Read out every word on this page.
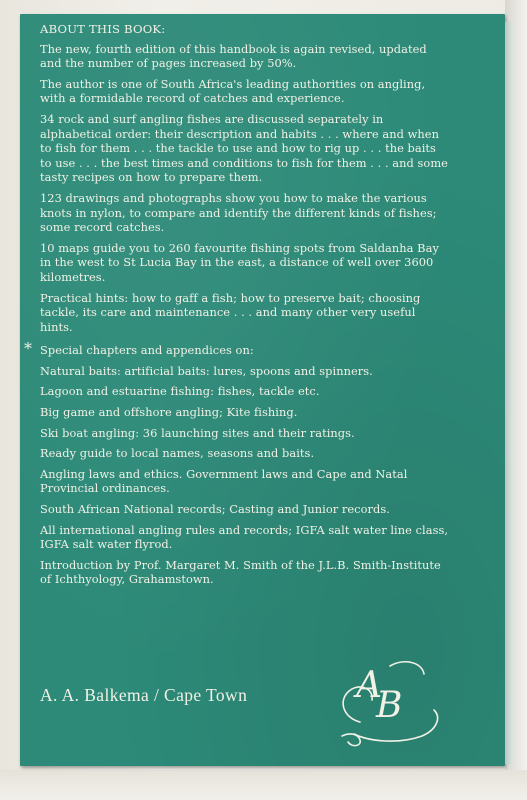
ABOUT THIS BOOK:
The new, fourth edition of this handbook is again revised, updated and the number of pages increased by 50%.
The author is one of South Africa's leading authorities on angling, with a formidable record of catches and experience.
34 rock and surf angling fishes are discussed separately in alphabetical order: their description and habits . . . where and when to fish for them . . . the tackle to use and how to rig up . . . the baits to use . . . the best times and conditions to fish for them . . . and some tasty recipes on how to prepare them.
123 drawings and photographs show you how to make the various knots in nylon, to compare and identify the different kinds of fishes; some record catches.
10 maps guide you to 260 favourite fishing spots from Saldanha Bay in the west to St Lucia Bay in the east, a distance of well over 3600 kilometres.
Practical hints: how to gaff a fish; how to preserve bait; choosing tackle, its care and maintenance . . . and many other very useful hints.
* Special chapters and appendices on:
Natural baits: artificial baits: lures, spoons and spinners.
Lagoon and estuarine fishing: fishes, tackle etc.
Big game and offshore angling; Kite fishing.
Ski boat angling: 36 launching sites and their ratings.
Ready guide to local names, seasons and baits.
Angling laws and ethics. Government laws and Cape and Natal Provincial ordinances.
South African National records; Casting and Junior records.
All international angling rules and records; IGFA salt water line class, IGFA salt water flyrod.
Introduction by Prof. Margaret M. Smith of the J.L.B. Smith-Institute of Ichthyology, Grahamstown.
A. A. Balkema / Cape Town	A
B
